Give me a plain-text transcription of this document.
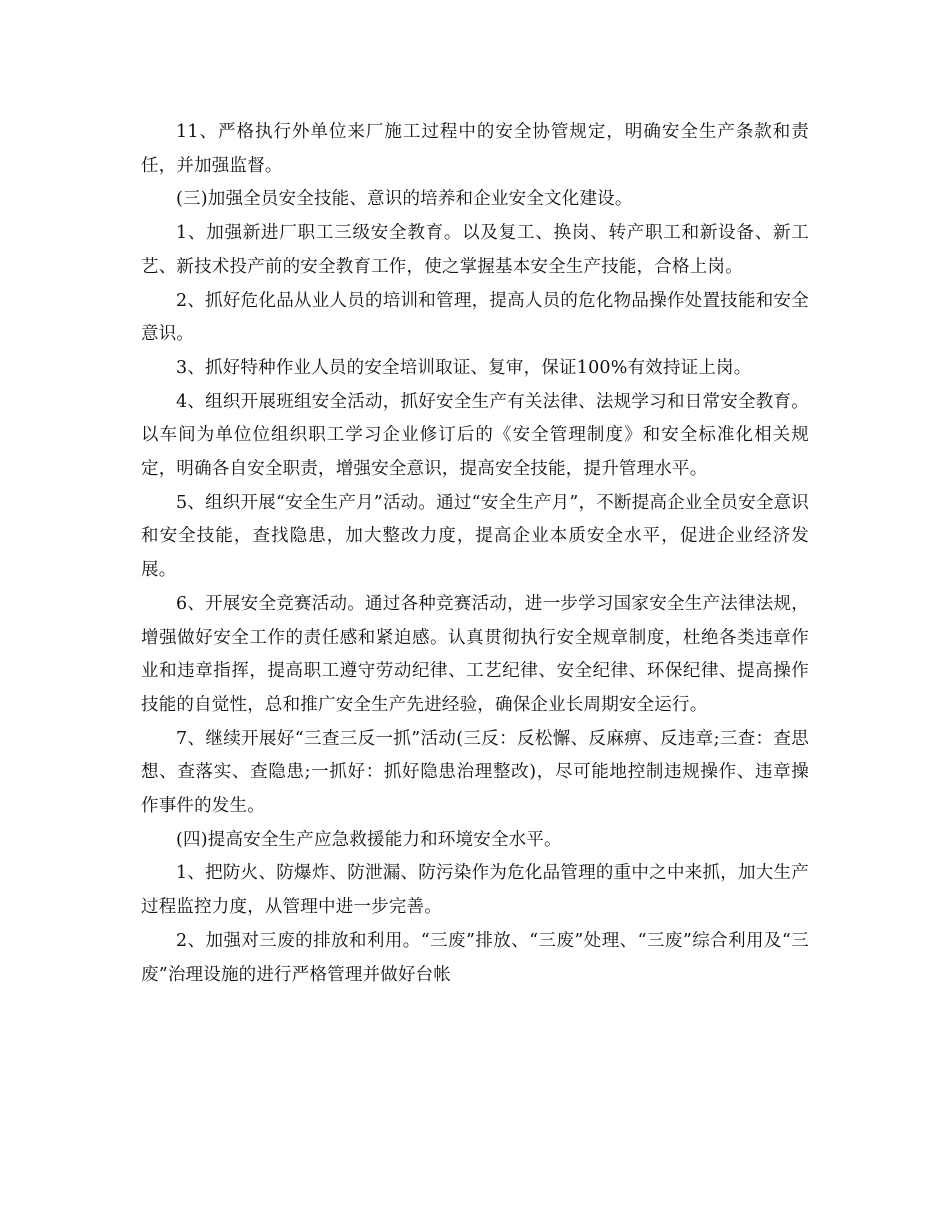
11、严格执行外单位来厂施工过程中的安全协管规定，明确安全生产条款和责任，并加强监督。

(三)加强全员安全技能、意识的培养和企业安全文化建设。

1、加强新进厂职工三级安全教育。以及复工、换岗、转产职工和新设备、新工艺、新技术投产前的安全教育工作，使之掌握基本安全生产技能，合格上岗。

2、抓好危化品从业人员的培训和管理，提高人员的危化物品操作处置技能和安全意识。

3、抓好特种作业人员的安全培训取证、复审，保证100%有效持证上岗。

4、组织开展班组安全活动，抓好安全生产有关法律、法规学习和日常安全教育。以车间为单位位组织职工学习企业修订后的《安全管理制度》和安全标准化相关规定，明确各自安全职责，增强安全意识，提高安全技能，提升管理水平。

5、组织开展“安全生产月”活动。通过“安全生产月”，不断提高企业全员安全意识和安全技能，查找隐患，加大整改力度，提高企业本质安全水平，促进企业经济发展。

6、开展安全竞赛活动。通过各种竞赛活动，进一步学习国家安全生产法律法规，增强做好安全工作的责任感和紧迫感。认真贯彻执行安全规章制度，杜绝各类违章作业和违章指挥，提高职工遵守劳动纪律、工艺纪律、安全纪律、环保纪律、提高操作技能的自觉性，总和推广安全生产先进经验，确保企业长周期安全运行。

7、继续开展好“三查三反一抓”活动(三反：反松懈、反麻痹、反违章;三查：查思想、查落实、查隐患;一抓好：抓好隐患治理整改)，尽可能地控制违规操作、违章操作事件的发生。

(四)提高安全生产应急救援能力和环境安全水平。

1、把防火、防爆炸、防泄漏、防污染作为危化品管理的重中之中来抓，加大生产过程监控力度，从管理中进一步完善。

2、加强对三废的排放和利用。“三废”排放、“三废”处理、“三废”综合利用及“三废”治理设施的进行严格管理并做好台帐
